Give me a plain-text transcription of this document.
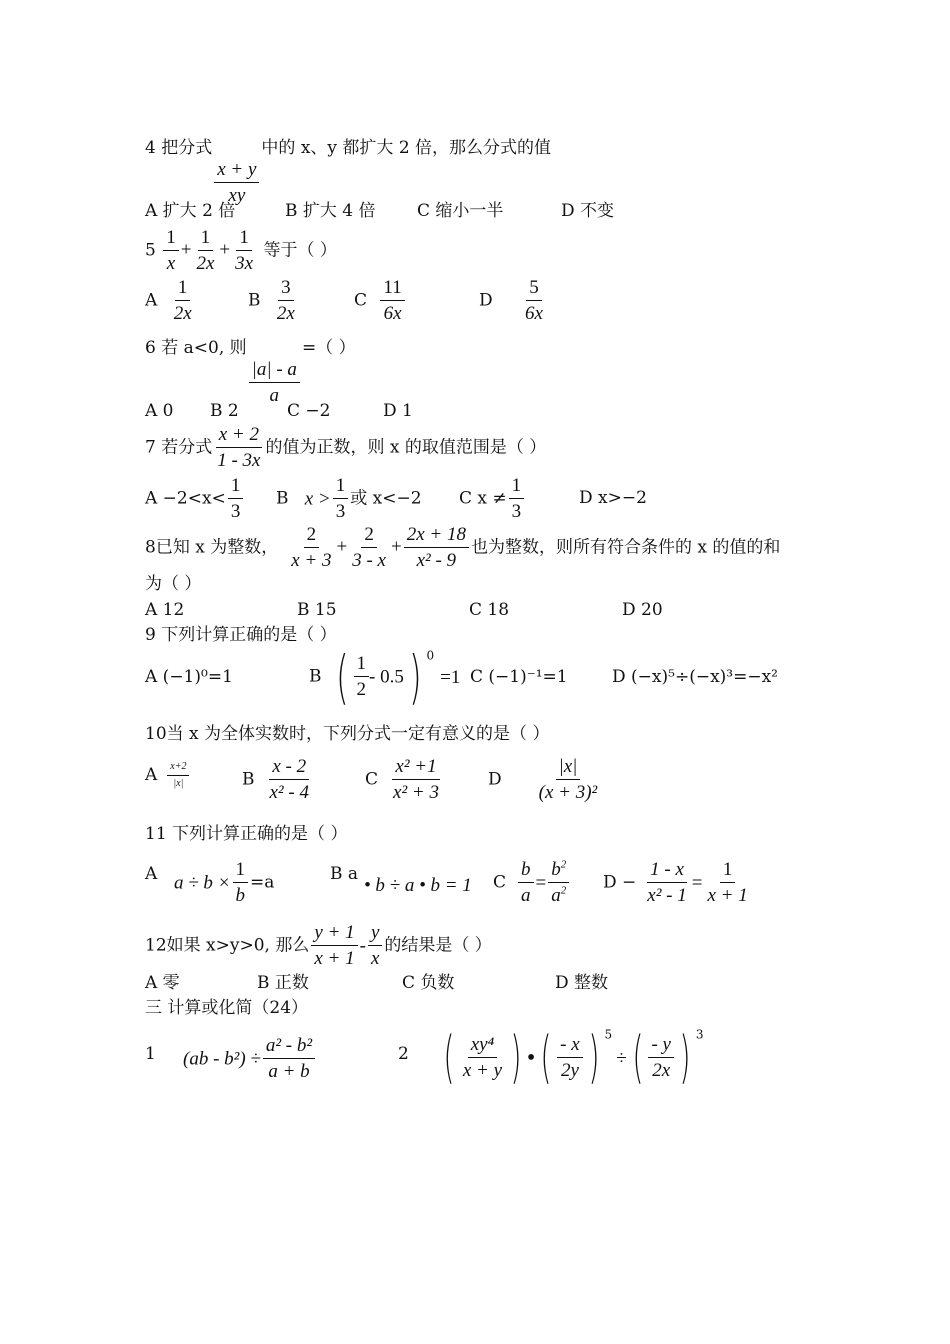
4 把分式
$\frac{x + y}{xy}$
中的 x、y 都扩大 2 倍，那么分式的值
A 扩大 2 倍	B 扩大 4 倍 C 缩小一半	D 不变
$5 \frac{1}{x} + \frac{1}{2x} + \frac{1}{3x}$ 等于（ ）
A $\frac{1}{2x}$	B $\frac{3}{2x}$	C $\frac{11}{6x}$	D $\frac{5}{6x}$
6 若 a<0, 则
$\frac{|a| - a}{a}$
=（ ）
A 0 B 2	C −2	D 1
7 若分式 $\frac{x + 2}{1 - 3x}$ 的值为正数，则 x 的取值范围是（ ）
$A -2<x< \frac{1}{3}$ B $x > \frac{1}{3}$ 或 x<−2 C $x \ne \frac{1}{3}$	D x>−2
8已知 x 为整数， $\frac{2}{x + 3} + \frac{2}{3 - x} + \frac{2x + 18}{\text{x² - 9}}$ 也为整数，则所有符合条件的 x 的值的和
为（ ）
A 12	B 15	C 18	D 20
9 下列计算正确的是（ ）
A (−1)⁰=1	B ( $\frac{1}{2} - 0.5$) $^0$=1 C (−1)⁻¹=1	D (−x)⁵÷(−x)³=−x²
10当 x 为全体实数时，下列分式一定有意义的是（ ）
A $\frac{x+2}{|x|}$	B $\frac{x - 2}{\text{x² - 4}}$	C $\frac{\text{x² +1}}{\text{x² + 3}}$	D $\frac{|x|}{\text{(x + 3)²}}$
11 下列计算正确的是（ ）
A $a \div b \times \frac{1}{b} =a$	B a
• b ÷ a • b = 1 C $\frac{b}{a} = \frac{b^2}{a^2}$ $D - \frac{1 - x}{\text{x² - 1}} = \frac{1}{x + 1}$
12如果 x>y>0, 那么 $\frac{y + 1}{x + 1} - \frac{y}{x}$ 的结果是（ ）
A 零	B 正数	C 负数	D 整数
三 计算或化简（24）
1 $(ab - b^2) \div \frac{\text{a² - b²}}{a + b}$	2 ( $\frac{\text{xy⁴}}{x + y}$ ) •( $\frac{- x}{2y}$ ) $^5\div( \frac{- y}{2x}$ ) $^3$
